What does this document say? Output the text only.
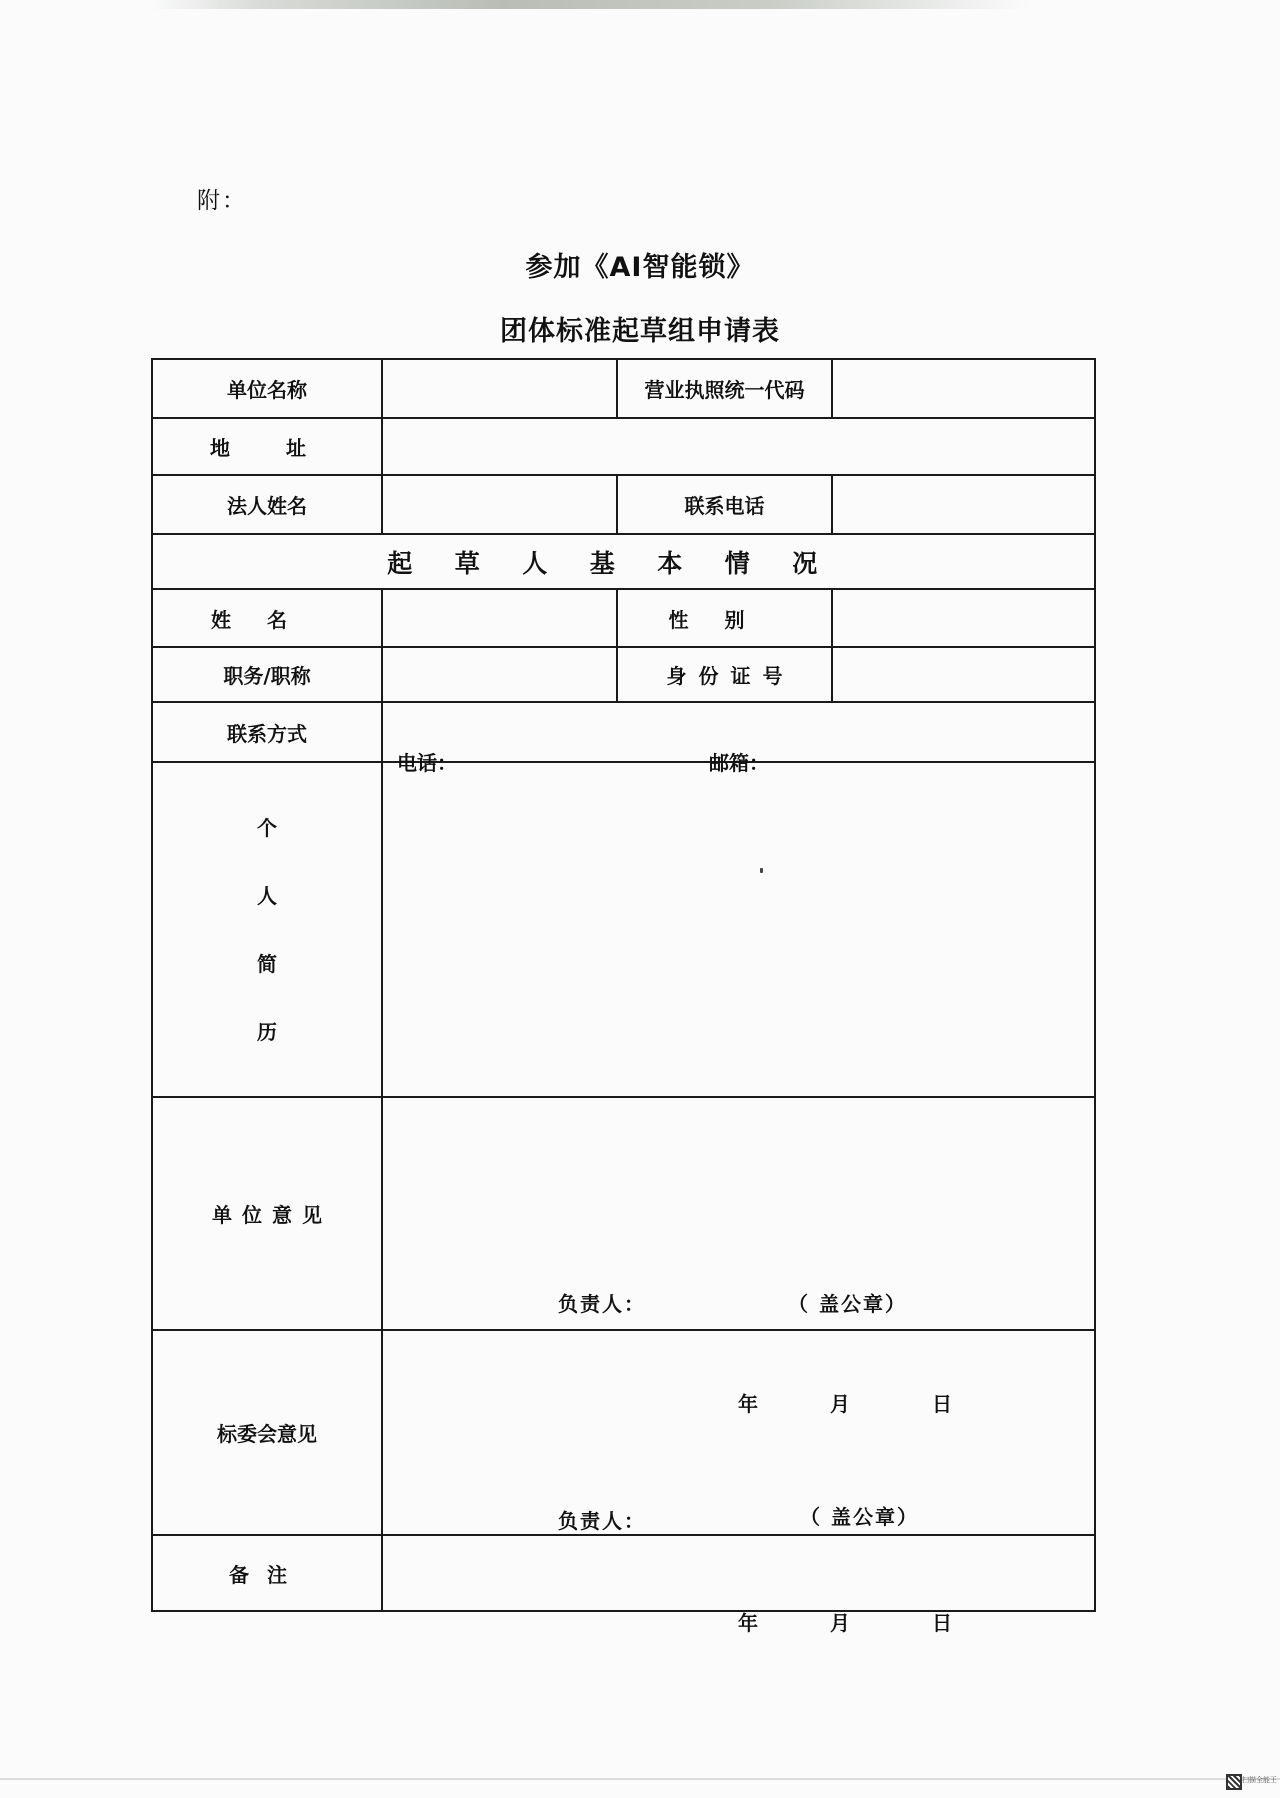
附：
参加《AI智能锁》
团体标准起草组申请表
单位名称		营业执照统一代码	
地　址			
法人姓名		联系电话	
起草人基本情况			
姓名		性别	
职务/职称		身份证号	
联系方式	电话： 邮箱：		

个
人
简
历			

单位意见	负责人： （ 盖公章）
年 月 日		

标委会意见	负责人： （ 盖公章）
年 月 日		

备注			
扫描全能王
